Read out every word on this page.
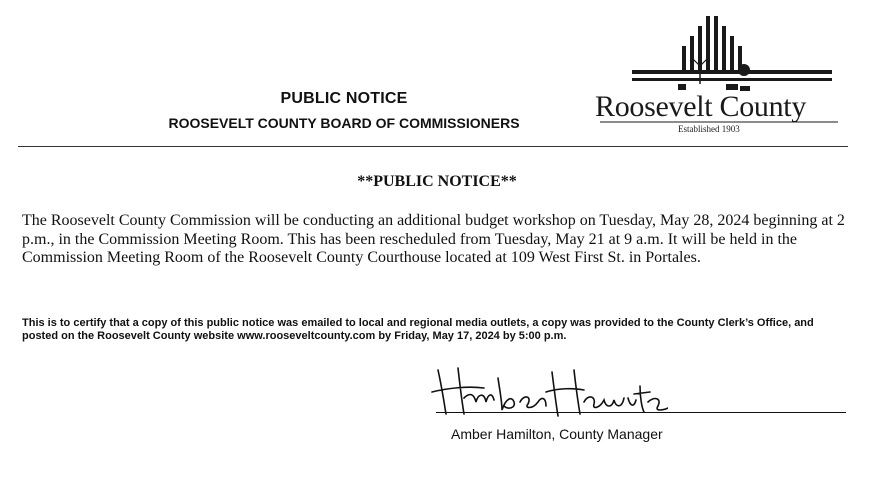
PUBLIC NOTICE
ROOSEVELT COUNTY BOARD OF COMMISSIONERS	Roosevelt County
Established 1903
**PUBLIC NOTICE**
The Roosevelt County Commission will be conducting an additional budget workshop on Tuesday, May 28, 2024 beginning at 2 p.m., in the Commission Meeting Room. This has been rescheduled from Tuesday, May 21 at 9 a.m. It will be held in the Commission Meeting Room of the Roosevelt County Courthouse located at 109 West First St. in Portales.
This is to certify that a copy of this public notice was emailed to local and regional media outlets, a copy was provided to the County Clerk’s Office, and posted on the Roosevelt County website www.rooseveltcounty.com by Friday, May 17, 2024 by 5:00 p.m.
Amber Hamilton, County Manager
